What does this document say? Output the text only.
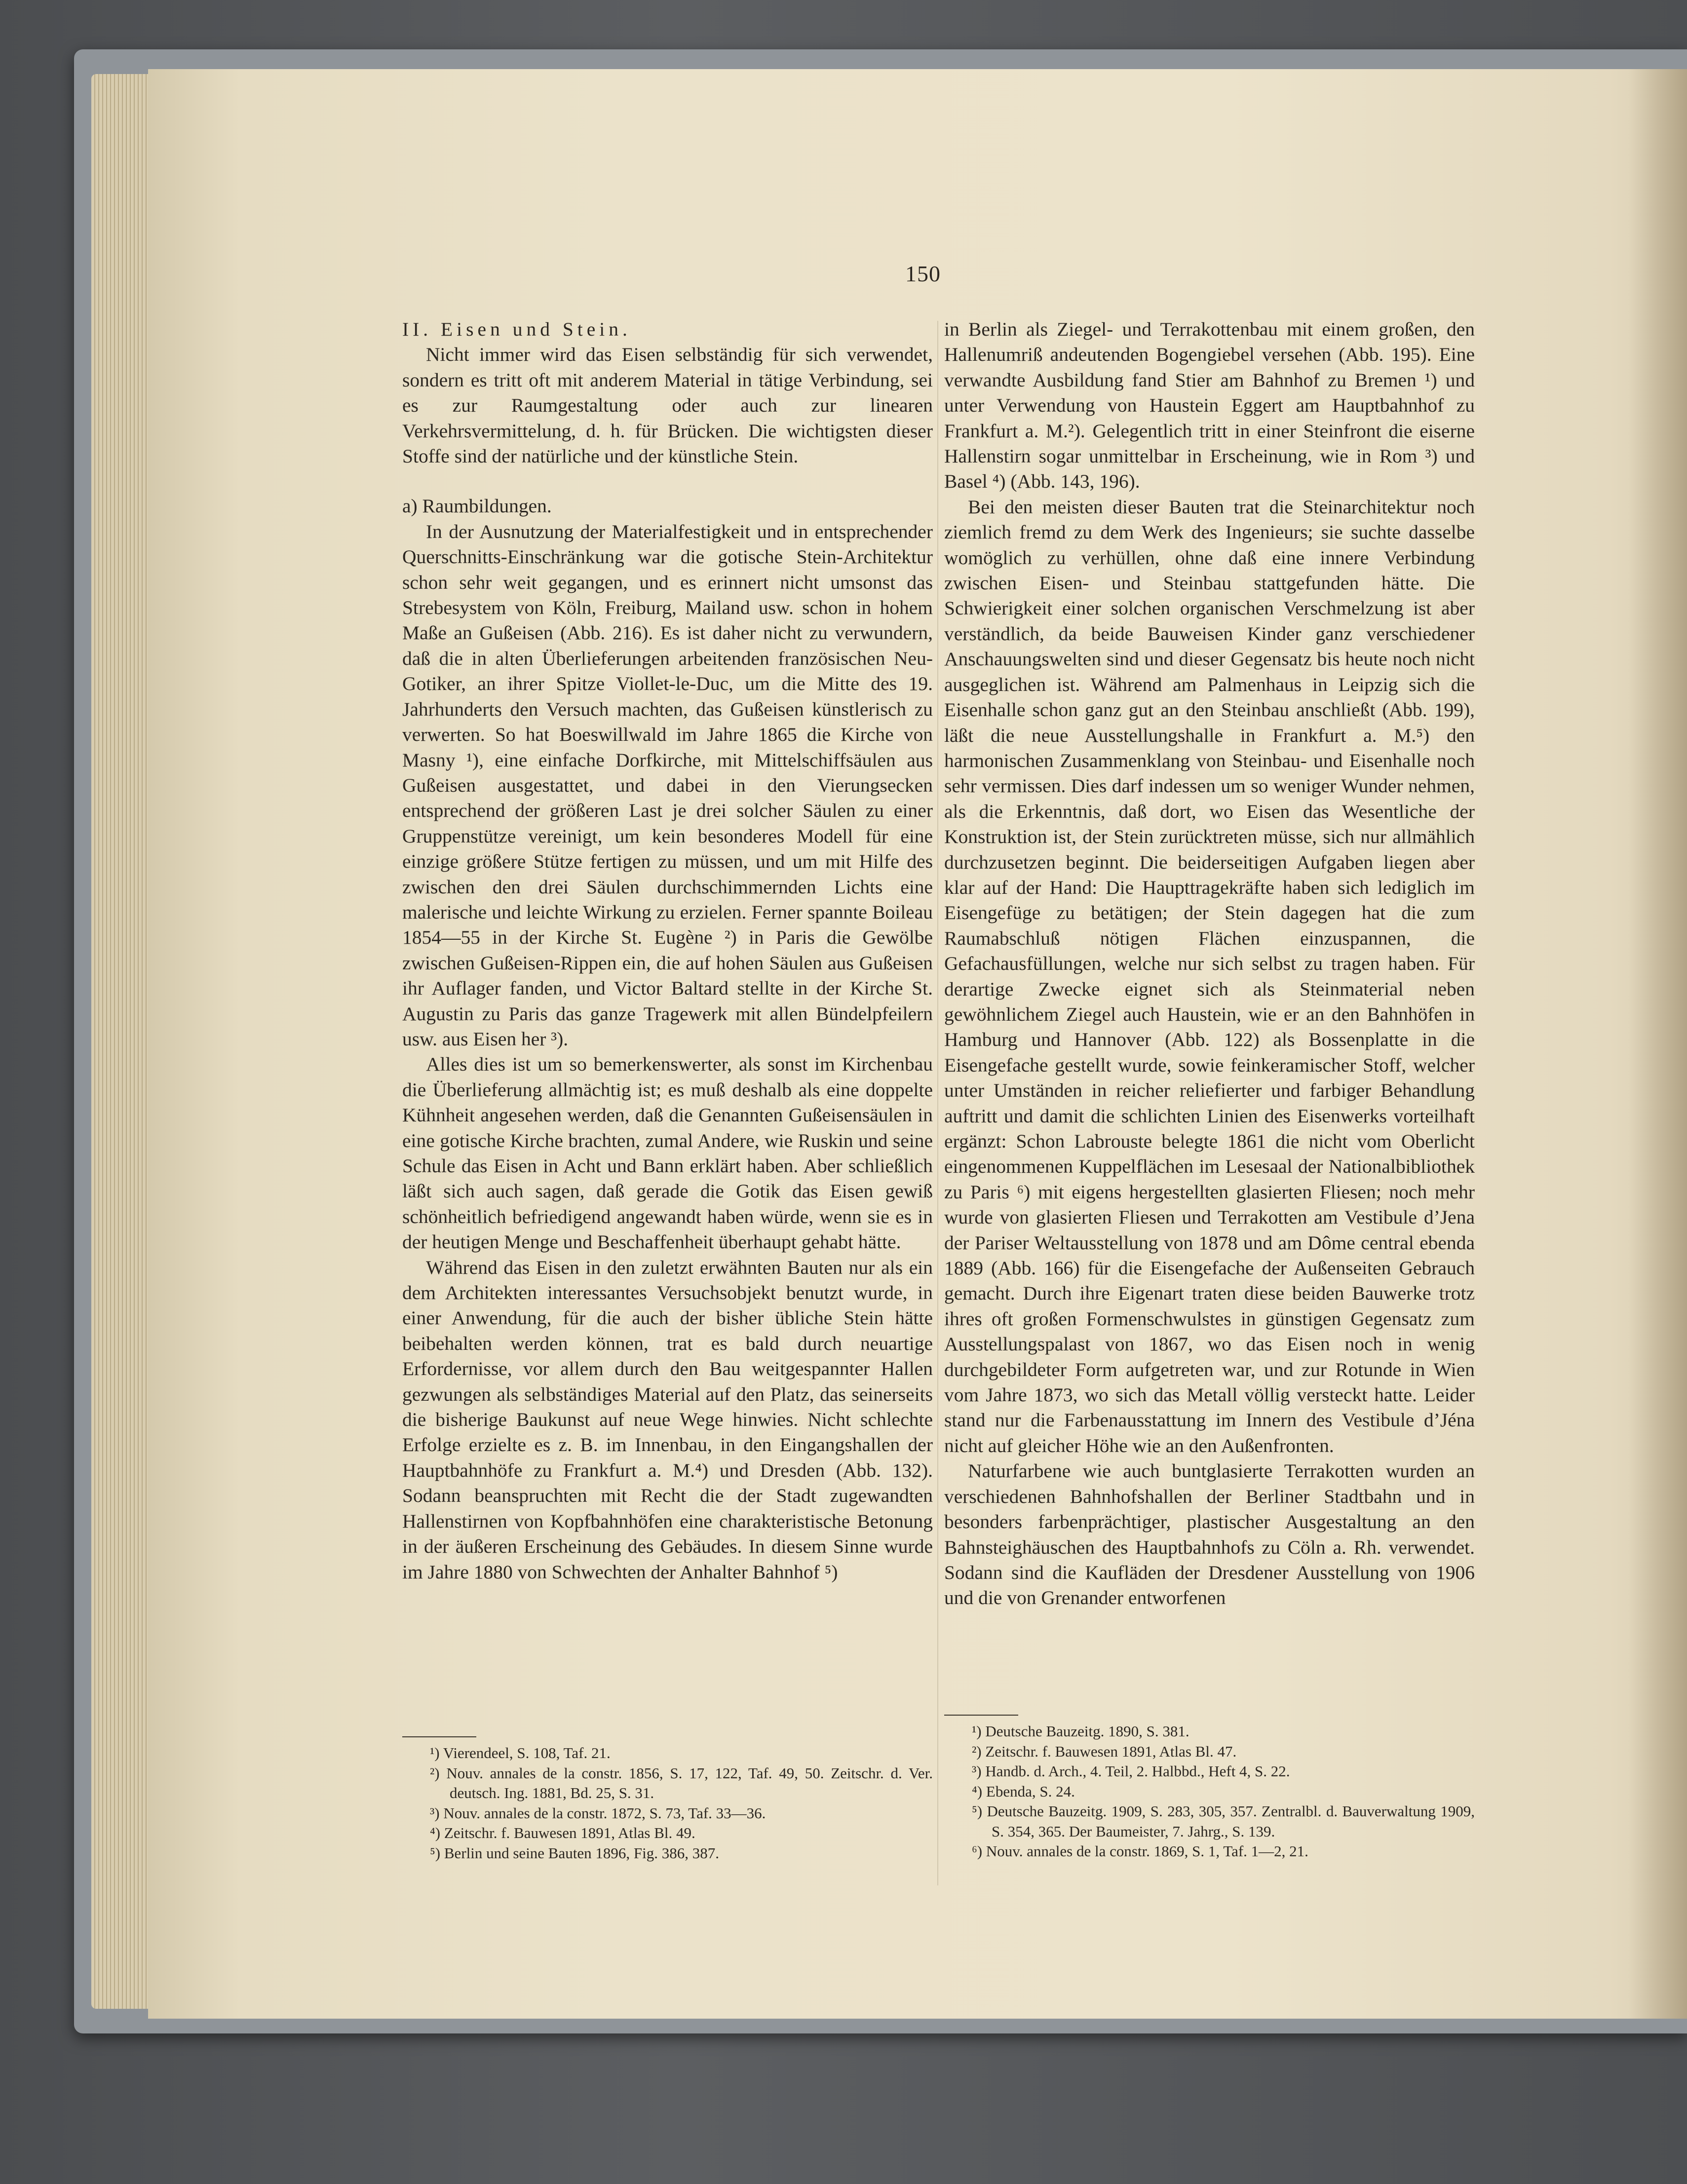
150

II. Eisen und Stein.

Nicht immer wird das Eisen selbständig für sich verwendet, sondern es tritt oft mit anderem Material in tätige Verbindung, sei es zur Raumgestaltung oder auch zur linearen Verkehrsvermittelung, d. h. für Brücken. Die wichtigsten dieser Stoffe sind der natürliche und der künstliche Stein.

a) Raumbildungen.

In der Ausnutzung der Materialfestigkeit und in entsprechender Querschnitts-Einschränkung war die gotische Stein-Architektur schon sehr weit gegangen, und es erinnert nicht umsonst das Strebesystem von Köln, Freiburg, Mailand usw. schon in hohem Maße an Gußeisen (Abb. 216). Es ist daher nicht zu verwundern, daß die in alten Überlieferungen arbeitenden französischen Neu-Gotiker, an ihrer Spitze Viollet-le-Duc, um die Mitte des 19. Jahrhunderts den Versuch machten, das Gußeisen künstlerisch zu verwerten. So hat Boeswillwald im Jahre 1865 die Kirche von Masny ¹), eine einfache Dorfkirche, mit Mittelschiffsäulen aus Gußeisen ausgestattet, und dabei in den Vierungsecken entsprechend der größeren Last je drei solcher Säulen zu einer Gruppenstütze vereinigt, um kein besonderes Modell für eine einzige größere Stütze fertigen zu müssen, und um mit Hilfe des zwischen den drei Säulen durchschimmernden Lichts eine malerische und leichte Wirkung zu erzielen. Ferner spannte Boileau 1854—55 in der Kirche St. Eugène ²) in Paris die Gewölbe zwischen Gußeisen-Rippen ein, die auf hohen Säulen aus Gußeisen ihr Auflager fanden, und Victor Baltard stellte in der Kirche St. Augustin zu Paris das ganze Tragewerk mit allen Bündelpfeilern usw. aus Eisen her ³).

Alles dies ist um so bemerkenswerter, als sonst im Kirchenbau die Überlieferung allmächtig ist; es muß deshalb als eine doppelte Kühnheit angesehen werden, daß die Genannten Gußeisensäulen in eine gotische Kirche brachten, zumal Andere, wie Ruskin und seine Schule das Eisen in Acht und Bann erklärt haben. Aber schließlich läßt sich auch sagen, daß gerade die Gotik das Eisen gewiß schönheitlich befriedigend angewandt haben würde, wenn sie es in der heutigen Menge und Beschaffenheit überhaupt gehabt hätte.

Während das Eisen in den zuletzt erwähnten Bauten nur als ein dem Architekten interessantes Versuchsobjekt benutzt wurde, in einer Anwendung, für die auch der bisher übliche Stein hätte beibehalten werden können, trat es bald durch neuartige Erfordernisse, vor allem durch den Bau weitgespannter Hallen gezwungen als selbständiges Material auf den Platz, das seinerseits die bisherige Baukunst auf neue Wege hinwies. Nicht schlechte Erfolge erzielte es z. B. im Innenbau, in den Eingangshallen der Hauptbahnhöfe zu Frankfurt a. M.⁴) und Dresden (Abb. 132). Sodann beanspruchten mit Recht die der Stadt zugewandten Hallenstirnen von Kopfbahnhöfen eine charakteristische Betonung in der äußeren Erscheinung des Gebäudes. In diesem Sinne wurde im Jahre 1880 von Schwechten der Anhalter Bahnhof ⁵)

¹) Vierendeel, S. 108, Taf. 21.
²) Nouv. annales de la constr. 1856, S. 17, 122, Taf. 49, 50. Zeitschr. d. Ver. deutsch. Ing. 1881, Bd. 25, S. 31.
³) Nouv. annales de la constr. 1872, S. 73, Taf. 33—36.
⁴) Zeitschr. f. Bauwesen 1891, Atlas Bl. 49.
⁵) Berlin und seine Bauten 1896, Fig. 386, 387.

in Berlin als Ziegel- und Terrakottenbau mit einem großen, den Hallenumriß andeutenden Bogengiebel versehen (Abb. 195). Eine verwandte Ausbildung fand Stier am Bahnhof zu Bremen ¹) und unter Verwendung von Haustein Eggert am Hauptbahnhof zu Frankfurt a. M.²). Gelegentlich tritt in einer Steinfront die eiserne Hallenstirn sogar unmittelbar in Erscheinung, wie in Rom ³) und Basel ⁴) (Abb. 143, 196).

Bei den meisten dieser Bauten trat die Steinarchitektur noch ziemlich fremd zu dem Werk des Ingenieurs; sie suchte dasselbe womöglich zu verhüllen, ohne daß eine innere Verbindung zwischen Eisen- und Steinbau stattgefunden hätte. Die Schwierigkeit einer solchen organischen Verschmelzung ist aber verständlich, da beide Bauweisen Kinder ganz verschiedener Anschauungswelten sind und dieser Gegensatz bis heute noch nicht ausgeglichen ist. Während am Palmenhaus in Leipzig sich die Eisenhalle schon ganz gut an den Steinbau anschließt (Abb. 199), läßt die neue Ausstellungshalle in Frankfurt a. M.⁵) den harmonischen Zusammenklang von Steinbau- und Eisenhalle noch sehr vermissen. Dies darf indessen um so weniger Wunder nehmen, als die Erkenntnis, daß dort, wo Eisen das Wesentliche der Konstruktion ist, der Stein zurücktreten müsse, sich nur allmählich durchzusetzen beginnt. Die beiderseitigen Aufgaben liegen aber klar auf der Hand: Die Haupttragekräfte haben sich lediglich im Eisengefüge zu betätigen; der Stein dagegen hat die zum Raumabschluß nötigen Flächen einzuspannen, die Gefachausfüllungen, welche nur sich selbst zu tragen haben. Für derartige Zwecke eignet sich als Steinmaterial neben gewöhnlichem Ziegel auch Haustein, wie er an den Bahnhöfen in Hamburg und Hannover (Abb. 122) als Bossenplatte in die Eisengefache gestellt wurde, sowie feinkeramischer Stoff, welcher unter Umständen in reicher reliefierter und farbiger Behandlung auftritt und damit die schlichten Linien des Eisenwerks vorteilhaft ergänzt: Schon Labrouste belegte 1861 die nicht vom Oberlicht eingenommenen Kuppelflächen im Lesesaal der Nationalbibliothek zu Paris ⁶) mit eigens hergestellten glasierten Fliesen; noch mehr wurde von glasierten Fliesen und Terrakotten am Vestibule d’Jena der Pariser Weltausstellung von 1878 und am Dôme central ebenda 1889 (Abb. 166) für die Eisengefache der Außenseiten Gebrauch gemacht. Durch ihre Eigenart traten diese beiden Bauwerke trotz ihres oft großen Formenschwulstes in günstigen Gegensatz zum Ausstellungspalast von 1867, wo das Eisen noch in wenig durchgebildeter Form aufgetreten war, und zur Rotunde in Wien vom Jahre 1873, wo sich das Metall völlig versteckt hatte. Leider stand nur die Farbenausstattung im Innern des Vestibule d’Jéna nicht auf gleicher Höhe wie an den Außenfronten.

Naturfarbene wie auch buntglasierte Terrakotten wurden an verschiedenen Bahnhofshallen der Berliner Stadtbahn und in besonders farbenprächtiger, plastischer Ausgestaltung an den Bahnsteighäuschen des Hauptbahnhofs zu Cöln a. Rh. verwendet. Sodann sind die Kaufläden der Dresdener Ausstellung von 1906 und die von Grenander entworfenen

¹) Deutsche Bauzeitg. 1890, S. 381.
²) Zeitschr. f. Bauwesen 1891, Atlas Bl. 47.
³) Handb. d. Arch., 4. Teil, 2. Halbbd., Heft 4, S. 22.
⁴) Ebenda, S. 24.
⁵) Deutsche Bauzeitg. 1909, S. 283, 305, 357. Zentralbl. d. Bauverwaltung 1909, S. 354, 365. Der Baumeister, 7. Jahrg., S. 139.
⁶) Nouv. annales de la constr. 1869, S. 1, Taf. 1—2, 21.
